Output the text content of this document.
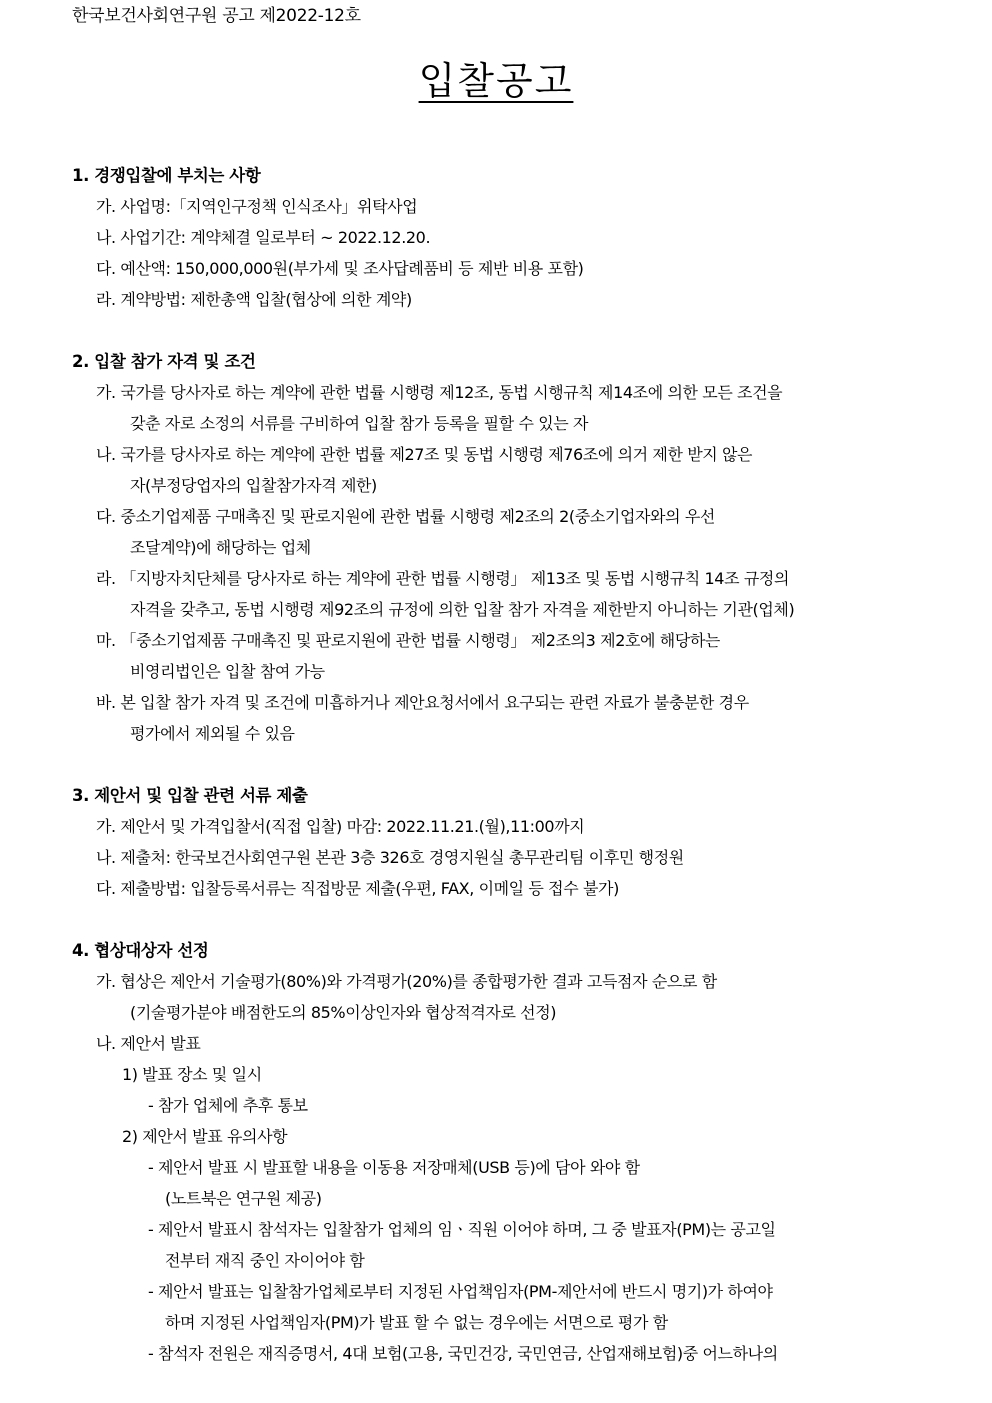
한국보건사회연구원 공고 제2022-12호
입찰공고
1. 경쟁입찰에 부치는 사항
가. 사업명:「지역인구정책 인식조사」위탁사업
나. 사업기간: 계약체결 일로부터 ~ 2022.12.20.
다. 예산액: 150,000,000원(부가세 및 조사답례품비 등 제반 비용 포함)
라. 계약방법: 제한총액 입찰(협상에 의한 계약)
2. 입찰 참가 자격 및 조건
가. 국가를 당사자로 하는 계약에 관한 법률 시행령 제12조, 동법 시행규칙 제14조에 의한 모든 조건을
갖춘 자로 소정의 서류를 구비하여 입찰 참가 등록을 필할 수 있는 자
나. 국가를 당사자로 하는 계약에 관한 법률 제27조 및 동법 시행령 제76조에 의거 제한 받지 않은
자(부정당업자의 입찰참가자격 제한)
다. 중소기업제품 구매촉진 및 판로지원에 관한 법률 시행령 제2조의 2(중소기업자와의 우선
조달계약)에 해당하는 업체
라. 「지방자치단체를 당사자로 하는 계약에 관한 법률 시행령」 제13조 및 동법 시행규칙 14조 규정의
자격을 갖추고, 동법 시행령 제92조의 규정에 의한 입찰 참가 자격을 제한받지 아니하는 기관(업체)
마. 「중소기업제품 구매촉진 및 판로지원에 관한 법률 시행령」 제2조의3 제2호에 해당하는
비영리법인은 입찰 참여 가능
바. 본 입찰 참가 자격 및 조건에 미흡하거나 제안요청서에서 요구되는 관련 자료가 불충분한 경우
평가에서 제외될 수 있음
3. 제안서 및 입찰 관련 서류 제출
가. 제안서 및 가격입찰서(직접 입찰) 마감: 2022.11.21.(월),11:00까지
나. 제출처: 한국보건사회연구원 본관 3층 326호 경영지원실 총무관리팀 이후민 행정원
다. 제출방법: 입찰등록서류는 직접방문 제출(우편, FAX, 이메일 등 접수 불가)
4. 협상대상자 선정
가. 협상은 제안서 기술평가(80%)와 가격평가(20%)를 종합평가한 결과 고득점자 순으로 함
(기술평가분야 배점한도의 85%이상인자와 협상적격자로 선정)
나. 제안서 발표
1) 발표 장소 및 일시
- 참가 업체에 추후 통보
2) 제안서 발표 유의사항
- 제안서 발표 시 발표할 내용을 이동용 저장매체(USB 등)에 담아 와야 함
(노트북은 연구원 제공)
- 제안서 발표시 참석자는 입찰참가 업체의 임ㆍ직원 이어야 하며, 그 중 발표자(PM)는 공고일
전부터 재직 중인 자이어야 함
- 제안서 발표는 입찰참가업체로부터 지정된 사업책임자(PM-제안서에 반드시 명기)가 하여야
하며 지정된 사업책임자(PM)가 발표 할 수 없는 경우에는 서면으로 평가 함
- 참석자 전원은 재직증명서, 4대 보험(고용, 국민건강, 국민연금, 산업재해보험)중 어느하나의
